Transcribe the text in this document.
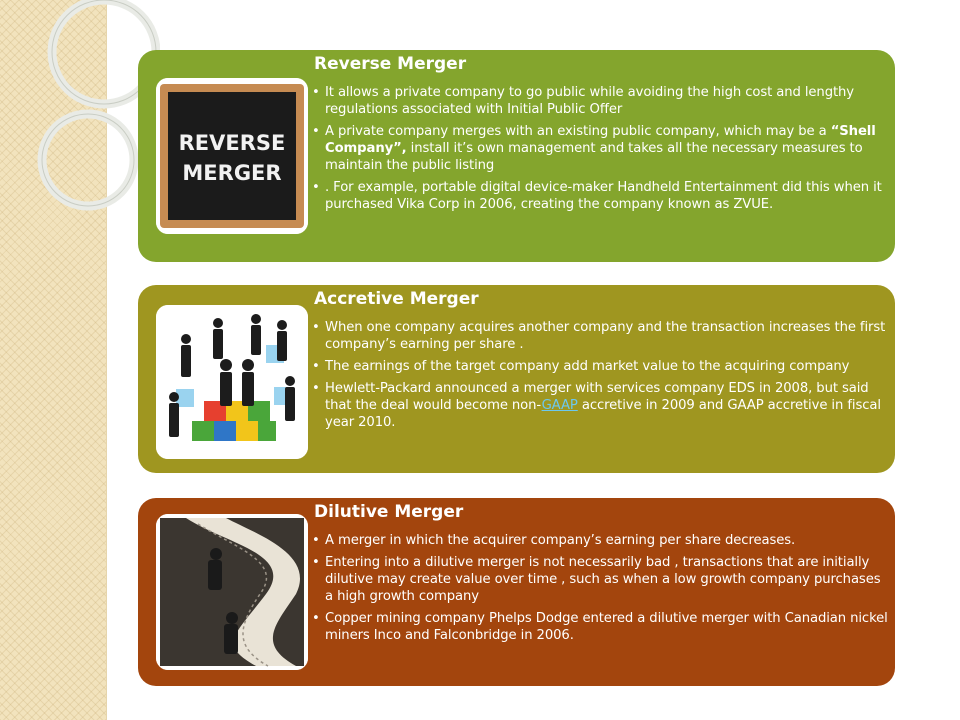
REVERSE
MERGER
Reverse Merger
• It allows a private company to go public while avoiding the high cost and lengthy regulations associated with Initial Public Offer
• A private company merges with an existing public company, which may be a “Shell Company”, install it’s own management and takes all the necessary measures to maintain the public listing
• . For example, portable digital device-maker Handheld Entertainment did this when it purchased Vika Corp in 2006, creating the company known as ZVUE.
Accretive Merger
• When one company acquires another company and the transaction increases the first company’s earning per share .
• The earnings of the target company add market value to the acquiring company
• Hewlett-Packard announced a merger with services company EDS in 2008, but said that the deal would become non-GAAP accretive in 2009 and GAAP accretive in fiscal year 2010.
Dilutive Merger
• A merger in which the acquirer company’s earning per share decreases.
• Entering into a dilutive merger is not necessarily bad , transactions that are initially dilutive may create value over time , such as when a low growth company purchases a high growth company
• Copper mining company Phelps Dodge entered a dilutive merger with Canadian nickel miners Inco and Falconbridge in 2006.
